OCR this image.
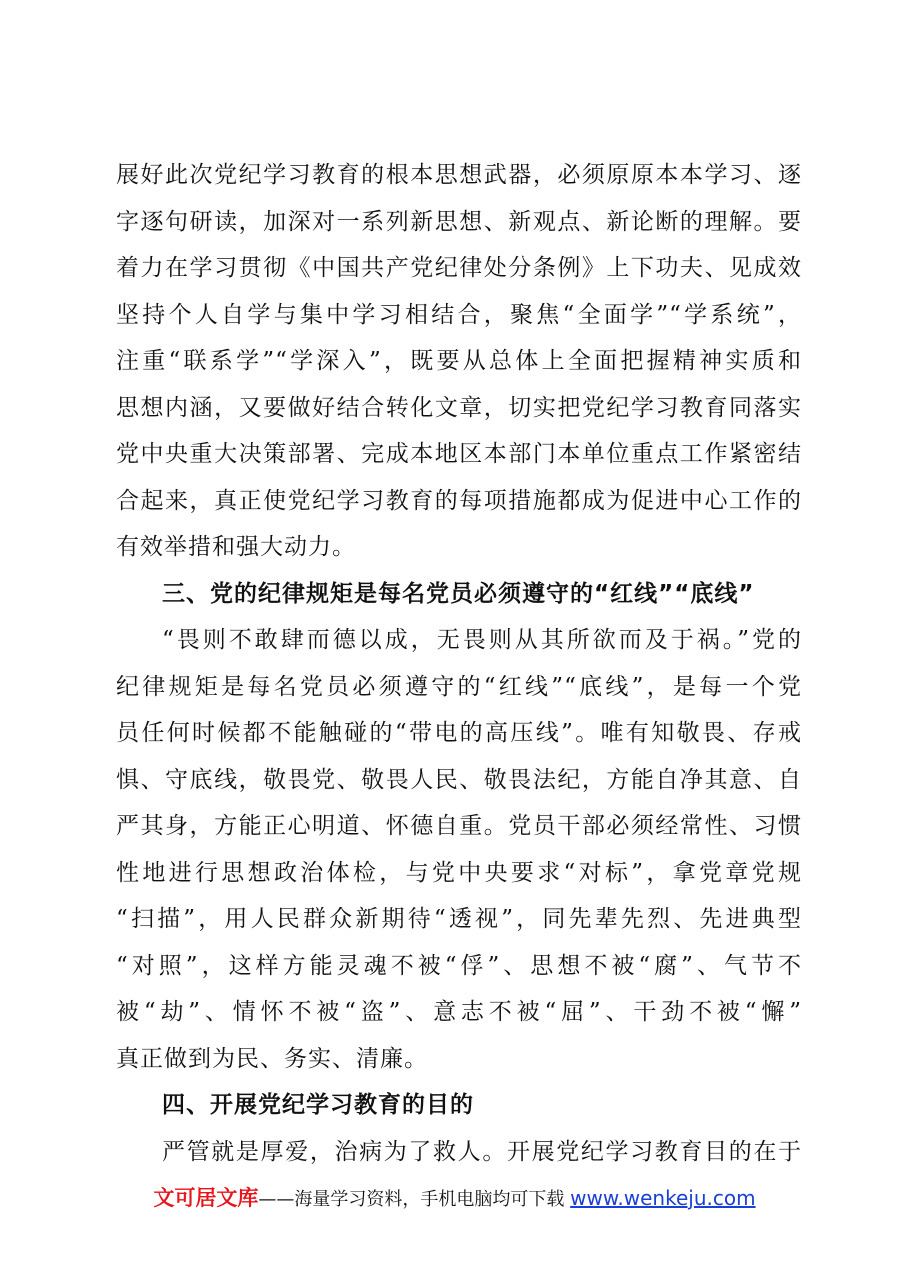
展好此次党纪学习教育的根本思想武器，必须原原本本学习、逐
字逐句研读，加深对一系列新思想、新观点、新论断的理解。要
着力在学习贯彻《中国共产党纪律处分条例》上下功夫、见成效
坚持个人自学与集中学习相结合，聚焦“全面学”“学系统”，
注重“联系学”“学深入”，既要从总体上全面把握精神实质和
思想内涵，又要做好结合转化文章，切实把党纪学习教育同落实
党中央重大决策部署、完成本地区本部门本单位重点工作紧密结
合起来，真正使党纪学习教育的每项措施都成为促进中心工作的
有效举措和强大动力。
三、党的纪律规矩是每名党员必须遵守的“红线”“底线”
“畏则不敢肆而德以成，无畏则从其所欲而及于祸。”党的
纪律规矩是每名党员必须遵守的“红线”“底线”，是每一个党
员任何时候都不能触碰的“带电的高压线”。唯有知敬畏、存戒
惧、守底线，敬畏党、敬畏人民、敬畏法纪，方能自净其意、自
严其身，方能正心明道、怀德自重。党员干部必须经常性、习惯
性地进行思想政治体检，与党中央要求“对标”，拿党章党规
“扫描”，用人民群众新期待“透视”，同先辈先烈、先进典型
“对照”，这样方能灵魂不被“俘”、思想不被“腐”、气节不
被“劫”、情怀不被“盗”、意志不被“屈”、干劲不被“懈”
真正做到为民、务实、清廉。
四、开展党纪学习教育的目的
严管就是厚爱，治病为了救人。开展党纪学习教育目的在于
文可居文库——海量学习资料，手机电脑均可下载 www.wenkeju.com
